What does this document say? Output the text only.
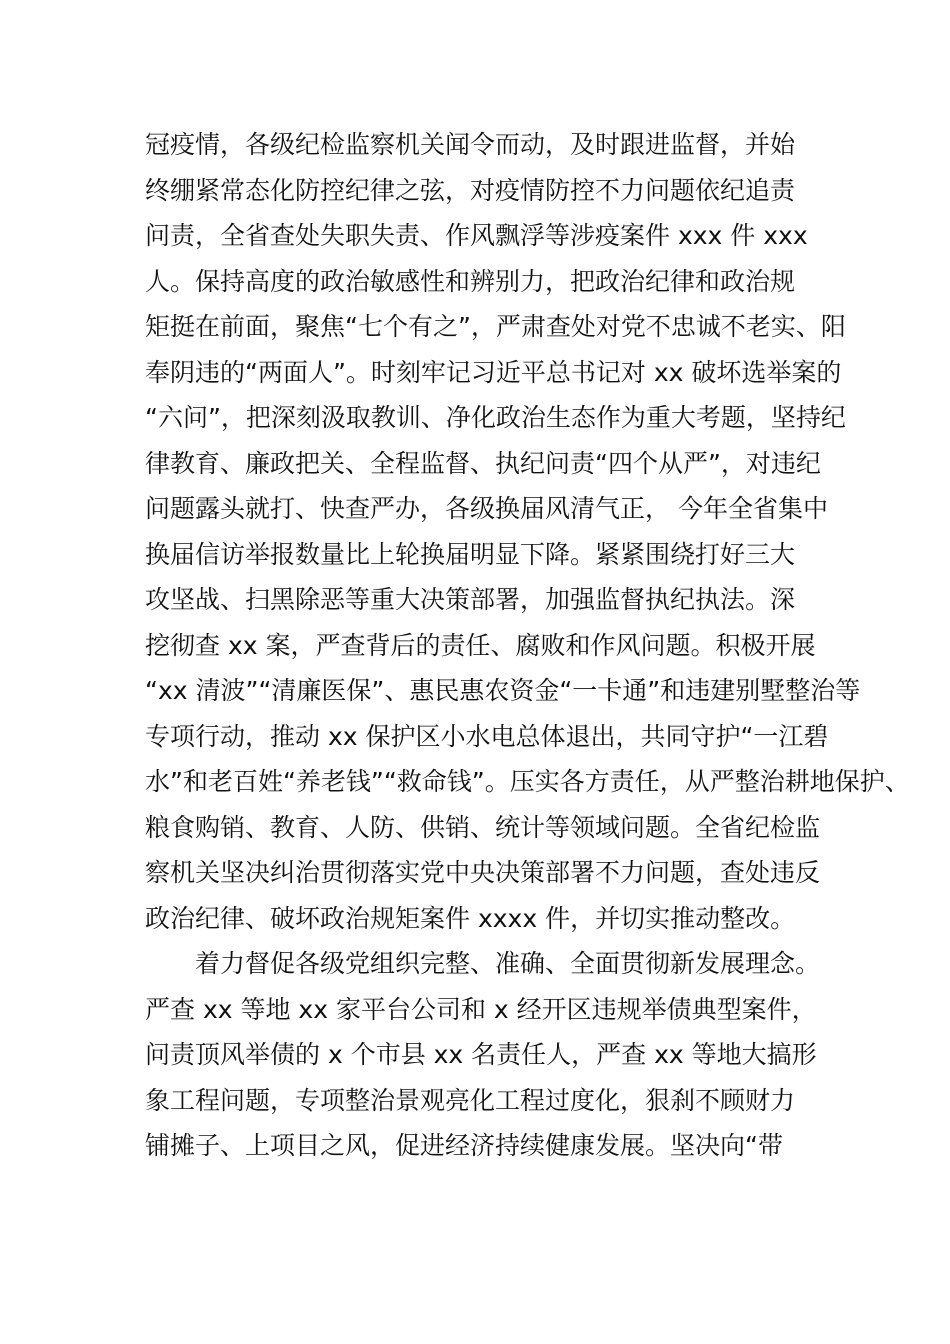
冠疫情，各级纪检监察机关闻令而动，及时跟进监督，并始
终绷紧常态化防控纪律之弦，对疫情防控不力问题依纪追责
问责，全省查处失职失责、作风飘浮等涉疫案件 xxx 件 xxx
人。保持高度的政治敏感性和辨别力，把政治纪律和政治规
矩挺在前面，聚焦“七个有之”，严肃查处对党不忠诚不老实、阳
奉阴违的“两面人”。时刻牢记习近平总书记对 xx 破坏选举案的
“六问”，把深刻汲取教训、净化政治生态作为重大考题，坚持纪
律教育、廉政把关、全程监督、执纪问责“四个从严”，对违纪
问题露头就打、快查严办，各级换届风清气正， 今年全省集中
换届信访举报数量比上轮换届明显下降。紧紧围绕打好三大
攻坚战、扫黑除恶等重大决策部署，加强监督执纪执法。深
挖彻查 xx 案，严查背后的责任、腐败和作风问题。积极开展
“xx 清波”“清廉医保”、惠民惠农资金“一卡通”和违建别墅整治等
专项行动，推动 xx 保护区小水电总体退出，共同守护“一江碧
水”和老百姓“养老钱”“救命钱”。压实各方责任，从严整治耕地保护、
粮食购销、教育、人防、供销、统计等领域问题。全省纪检监
察机关坚决纠治贯彻落实党中央决策部署不力问题，查处违反
政治纪律、破坏政治规矩案件 xxxx 件，并切实推动整改。
着力督促各级党组织完整、准确、全面贯彻新发展理念。
严查 xx 等地 xx 家平台公司和 x 经开区违规举债典型案件，
问责顶风举债的 x 个市县 xx 名责任人，严查 xx 等地大搞形
象工程问题，专项整治景观亮化工程过度化，狠刹不顾财力
铺摊子、上项目之风，促进经济持续健康发展。坚决向“带
